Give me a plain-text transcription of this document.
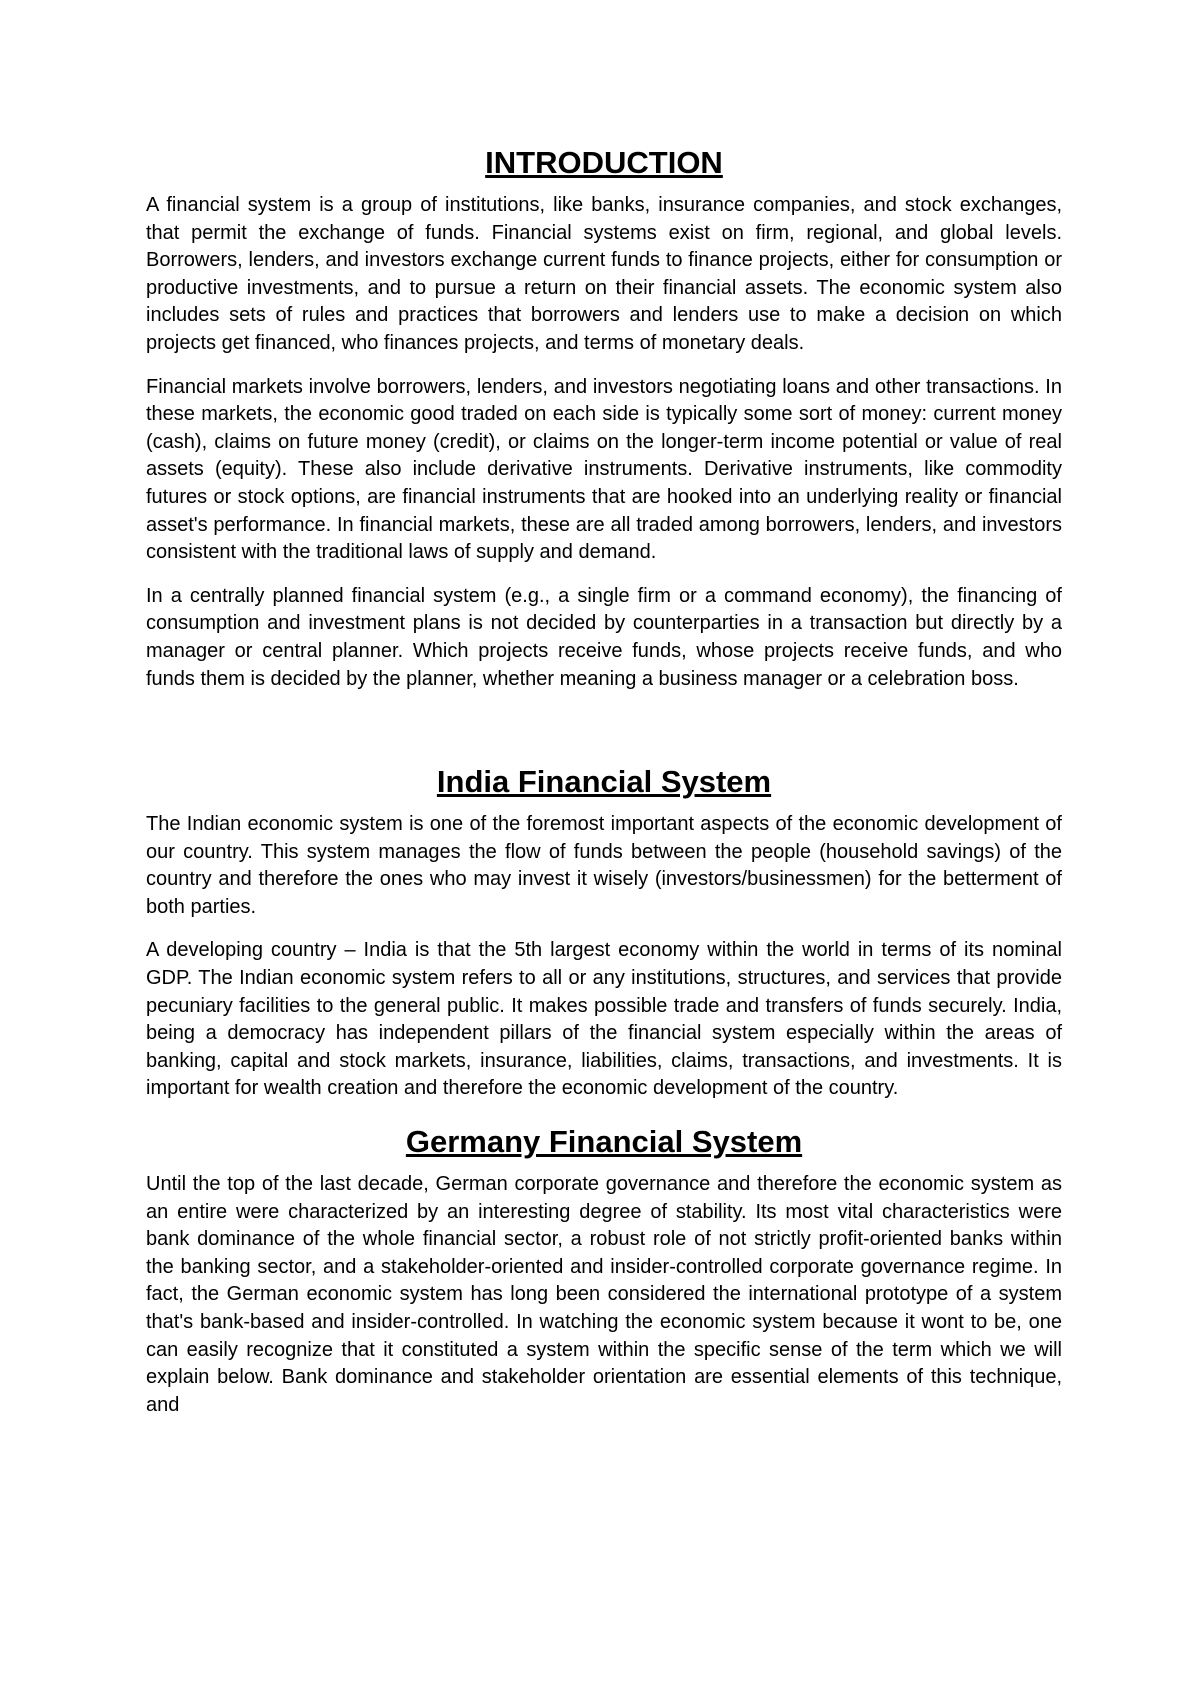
INTRODUCTION

A financial system is a group of institutions, like banks, insurance companies, and stock exchanges, that permit the exchange of funds. Financial systems exist on firm, regional, and global levels. Borrowers, lenders, and investors exchange current funds to finance projects, either for consumption or productive investments, and to pursue a return on their financial assets. The economic system also includes sets of rules and practices that borrowers and lenders use to make a decision on which projects get financed, who finances projects, and terms of monetary deals.

Financial markets involve borrowers, lenders, and investors negotiating loans and other transactions. In these markets, the economic good traded on each side is typically some sort of money: current money (cash), claims on future money (credit), or claims on the longer-term income potential or value of real assets (equity). These also include derivative instruments. Derivative instruments, like commodity futures or stock options, are financial instruments that are hooked into an underlying reality or financial asset's performance. In financial markets, these are all traded among borrowers, lenders, and investors consistent with the traditional laws of supply and demand.

In a centrally planned financial system (e.g., a single firm or a command economy), the financing of consumption and investment plans is not decided by counterparties in a transaction but directly by a manager or central planner. Which projects receive funds, whose projects receive funds, and who funds them is decided by the planner, whether meaning a business manager or a celebration boss.

India Financial System

The Indian economic system is one of the foremost important aspects of the economic development of our country. This system manages the flow of funds between the people (household savings) of the country and therefore the ones who may invest it wisely (investors/businessmen) for the betterment of both parties.

A developing country – India is that the 5th largest economy within the world in terms of its nominal GDP. The Indian economic system refers to all or any institutions, structures, and services that provide pecuniary facilities to the general public. It makes possible trade and transfers of funds securely. India, being a democracy has independent pillars of the financial system especially within the areas of banking, capital and stock markets, insurance, liabilities, claims, transactions, and investments. It is important for wealth creation and therefore the economic development of the country.

Germany Financial System

Until the top of the last decade, German corporate governance and therefore the economic system as an entire were characterized by an interesting degree of stability. Its most vital characteristics were bank dominance of the whole financial sector, a robust role of not strictly profit-oriented banks within the banking sector, and a stakeholder-oriented and insider-controlled corporate governance regime. In fact, the German economic system has long been considered the international prototype of a system that's bank-based and insider-controlled. In watching the economic system because it wont to be, one can easily recognize that it constituted a system within the specific sense of the term which we will explain below. Bank dominance and stakeholder orientation are essential elements of this technique, and
